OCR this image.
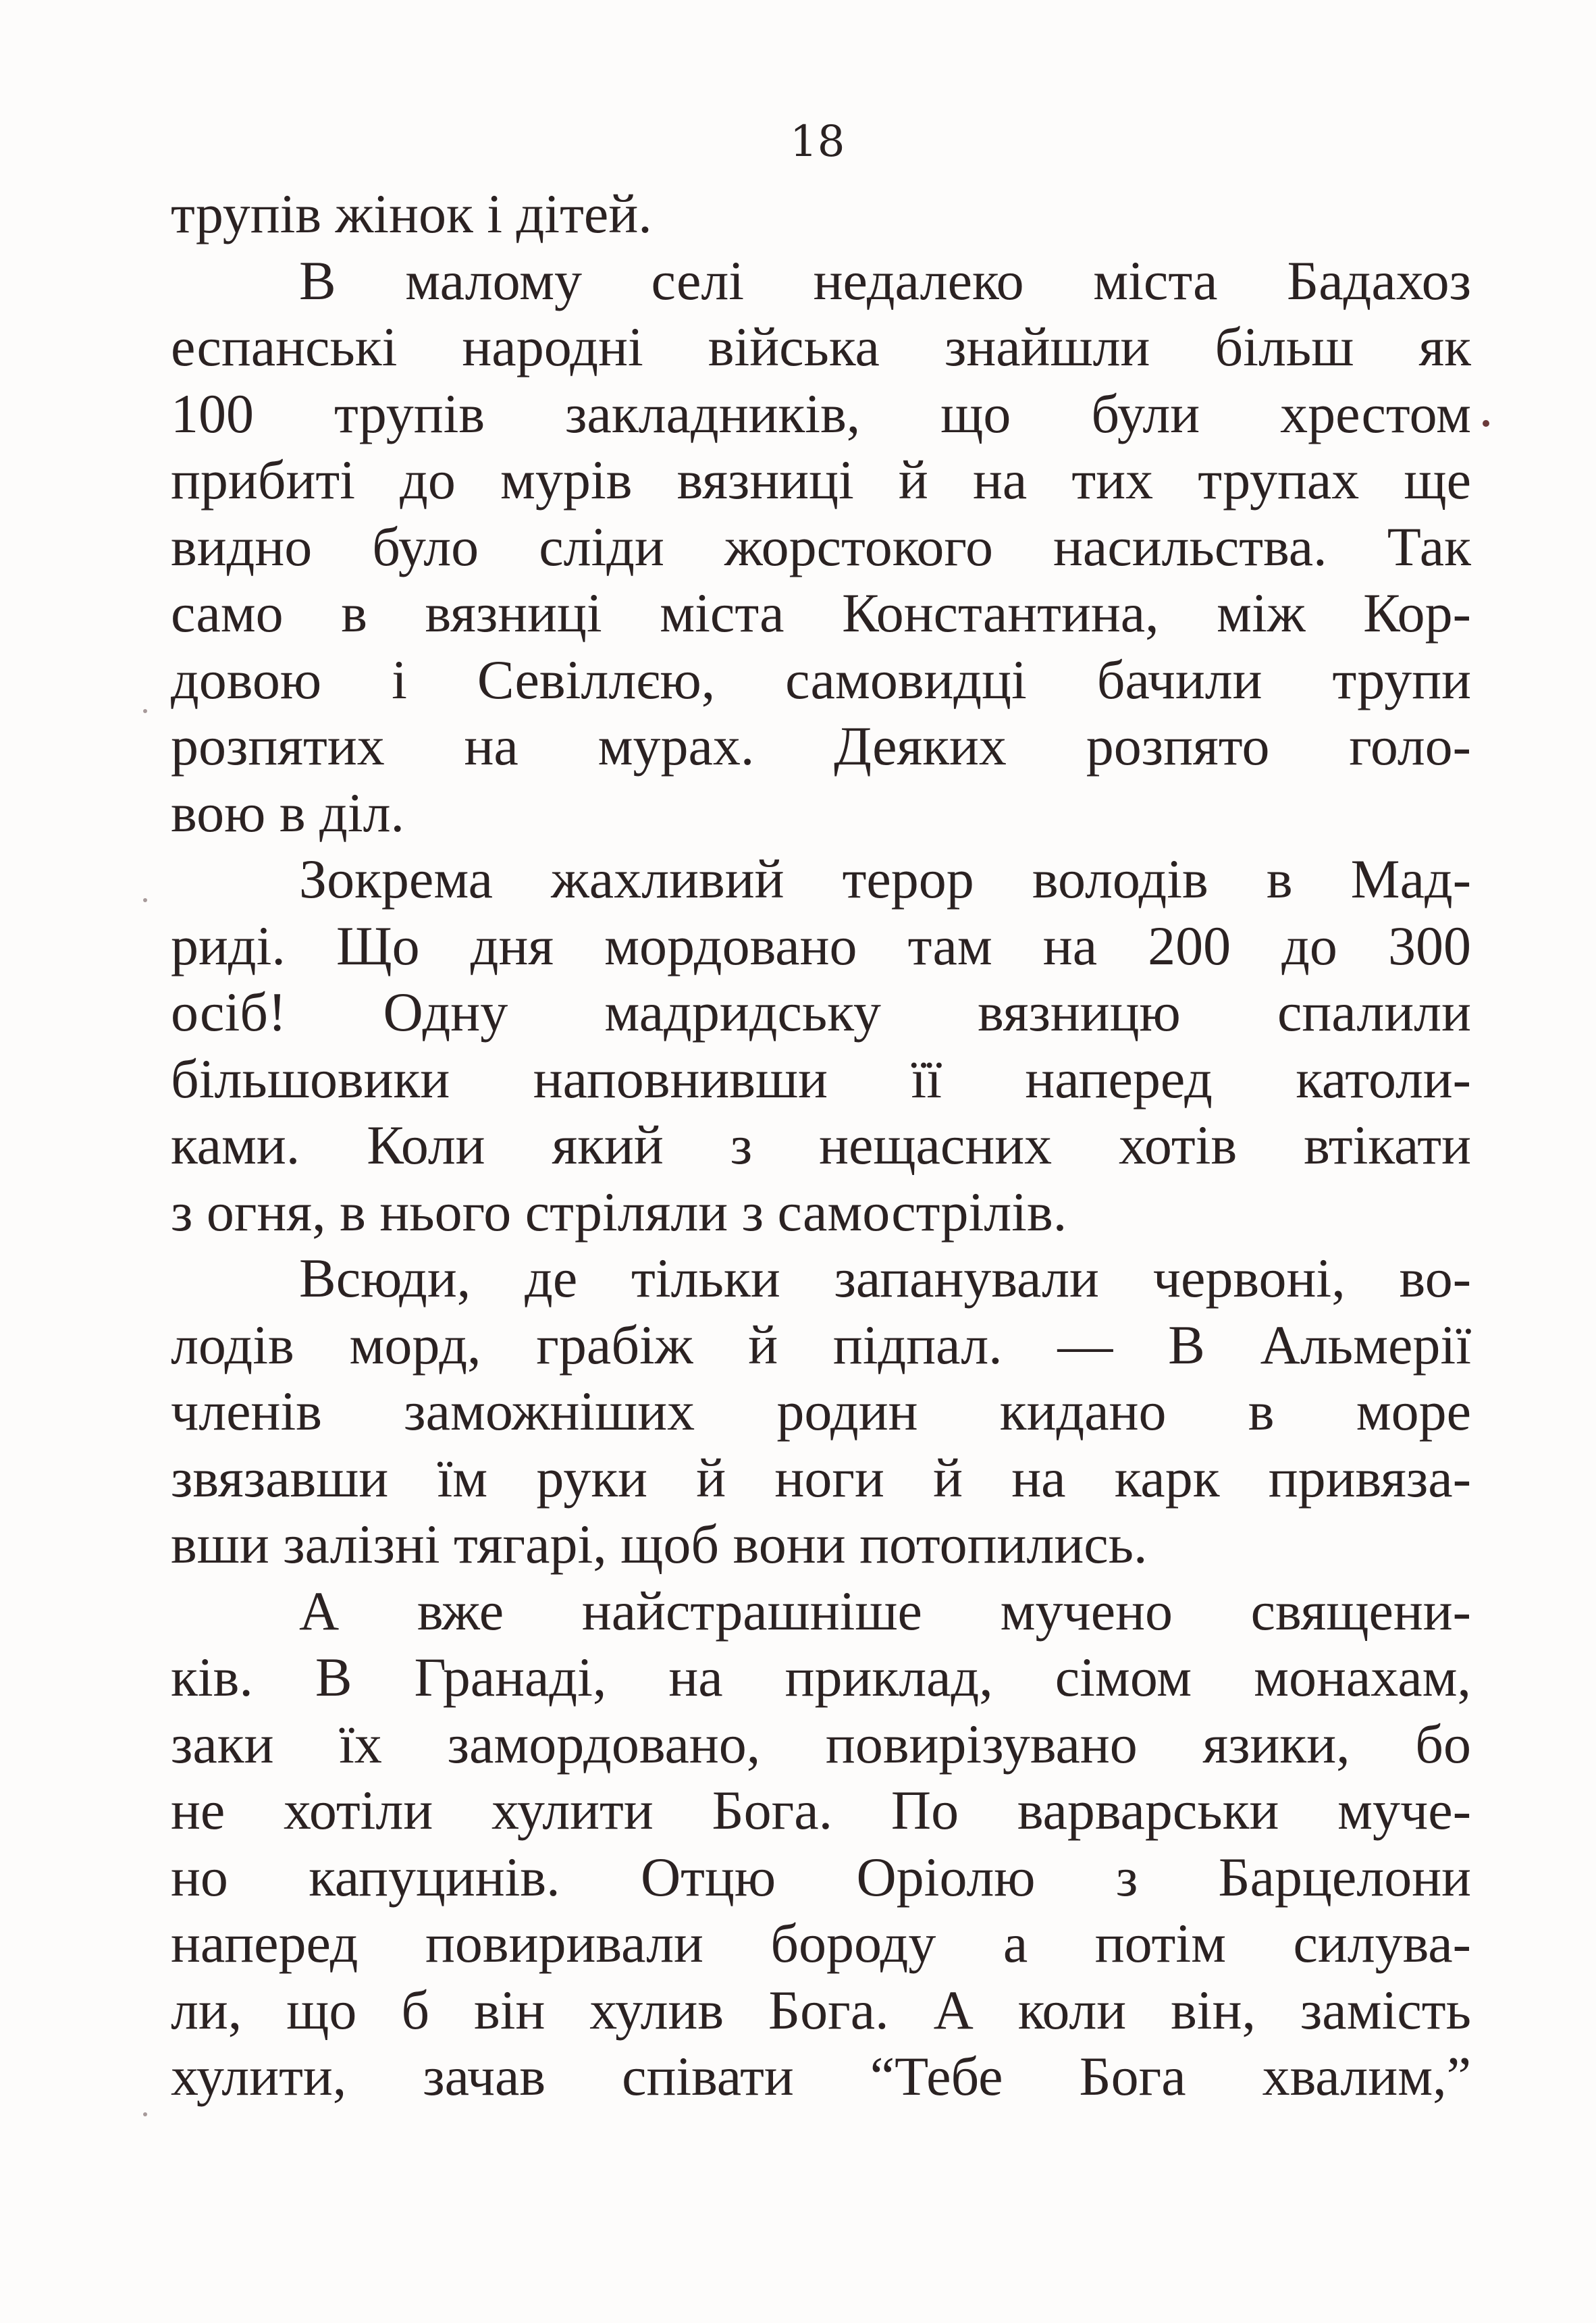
18
трупів жінок і дітей.
В малому селі недалеко міста Бадахоз
еспанські народні війська знайшли більш як
100 трупів закладників, що були хрестом
прибиті до мурів вязниці й на тих трупах ще
видно було сліди жорстокого насильства. Так
само в вязниці міста Константина, між Кор-
довою і Севіллєю, самовидці бачили трупи
розпятих на мурах. Деяких розпято голо-
вою в діл.
Зокрема жахливий терор володів в Мад-
риді. Що дня мордовано там на 200 до 300
осіб! Одну мадридську вязницю спалили
більшовики наповнивши її наперед католи-
ками. Коли який з нещасних хотів втікати
з огня, в нього стріляли з самострілів.
Всюди, де тільки запанували червоні, во-
лодів морд, грабіж й підпал. — В Альмерії
членів заможніших родин кидано в море
звязавши їм руки й ноги й на карк привяза-
вши залізні тягарі, щоб вони потопились.
А вже найстрашніше мучено священи-
ків. В Гранаді, на приклад, сімом монахам,
заки їх замордовано, повирізувано язики, бо
не хотіли хулити Бога. По варварськи муче-
но капуцинів. Отцю Оріолю з Барцелони
наперед повиривали бороду а потім силува-
ли, що б він хулив Бога. А коли він, замість
хулити, зачав співати “Тебе Бога хвалим,”
